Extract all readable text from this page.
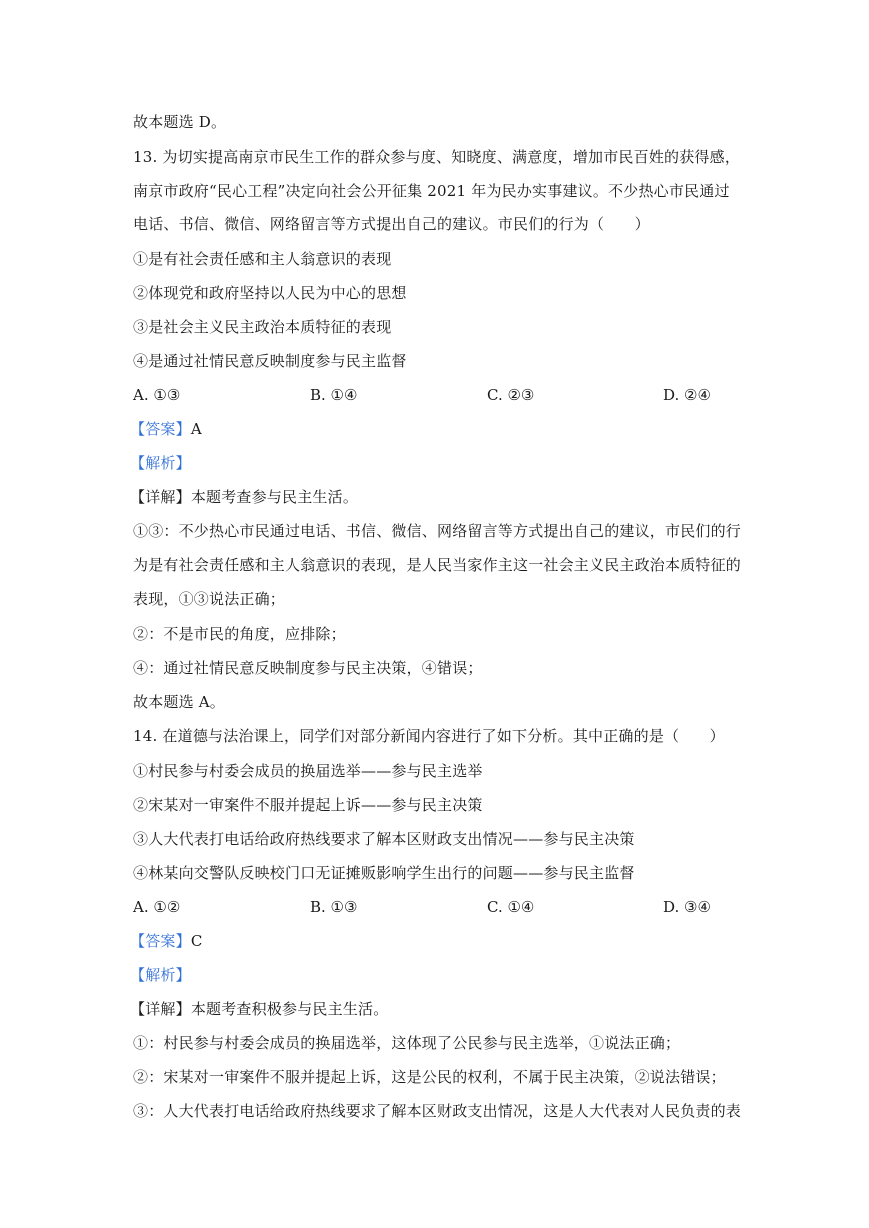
故本题选 D。
13. 为切实提高南京市民生工作的群众参与度、知晓度、满意度，增加市民百姓的获得感，
南京市政府“民心工程”决定向社会公开征集 2021 年为民办实事建议。不少热心市民通过
电话、书信、微信、网络留言等方式提出自己的建议。市民们的行为（　　）
①是有社会责任感和主人翁意识的表现
②体现党和政府坚持以人民为中心的思想
③是社会主义民主政治本质特征的表现
④是通过社情民意反映制度参与民主监督
A. ①③	B. ①④	C. ②③	D. ②④
【答案】A
【解析】
【详解】本题考查参与民主生活。
①③：不少热心市民通过电话、书信、微信、网络留言等方式提出自己的建议，市民们的行
为是有社会责任感和主人翁意识的表现，是人民当家作主这一社会主义民主政治本质特征的
表现，①③说法正确；
②：不是市民的角度，应排除；
④：通过社情民意反映制度参与民主决策，④错误；
故本题选 A。
14. 在道德与法治课上，同学们对部分新闻内容进行了如下分析。其中正确的是（　　）
①村民参与村委会成员的换届选举——参与民主选举
②宋某对一审案件不服并提起上诉——参与民主决策
③人大代表打电话给政府热线要求了解本区财政支出情况——参与民主决策
④林某向交警队反映校门口无证摊贩影响学生出行的问题——参与民主监督
A. ①②	B. ①③	C. ①④	D. ③④
【答案】C
【解析】
【详解】本题考查积极参与民主生活。
①：村民参与村委会成员的换届选举，这体现了公民参与民主选举，①说法正确；
②：宋某对一审案件不服并提起上诉，这是公民的权利，不属于民主决策，②说法错误；
③：人大代表打电话给政府热线要求了解本区财政支出情况，这是人大代表对人民负责的表
